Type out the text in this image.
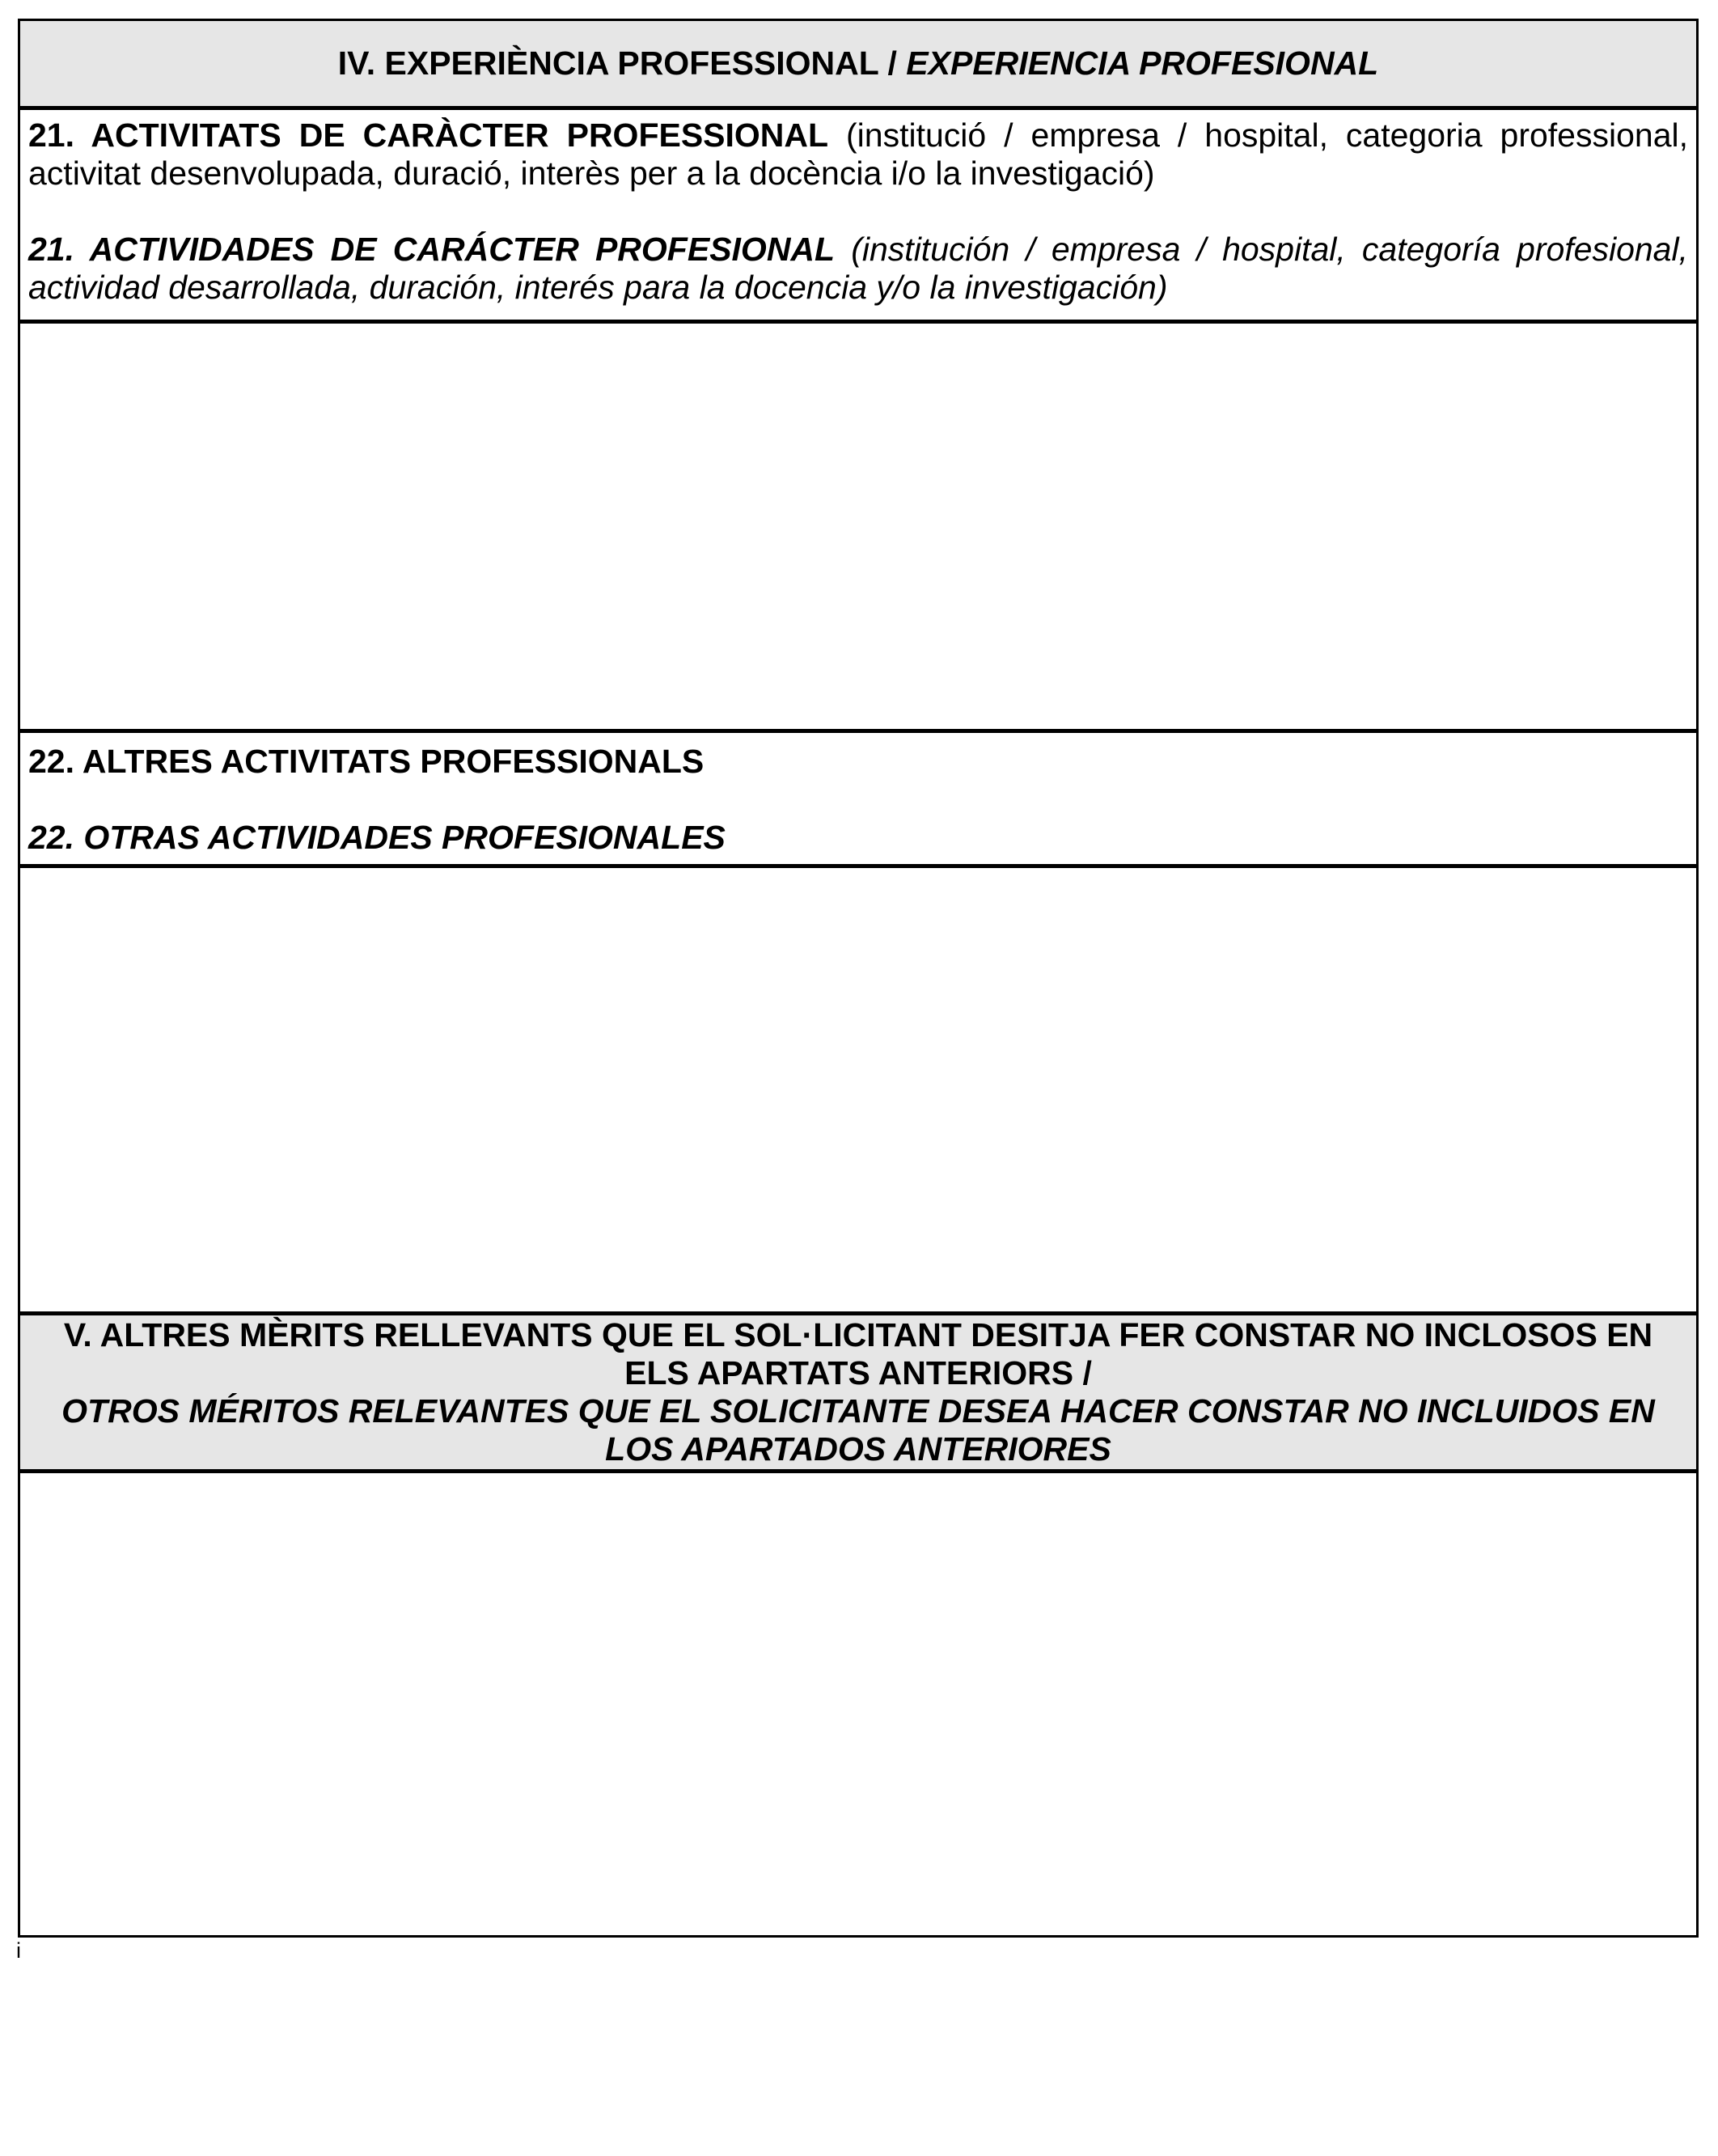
IV. EXPERIÈNCIA PROFESSIONAL / EXPERIENCIA PROFESIONAL

21. ACTIVITATS DE CARÀCTER PROFESSIONAL (institució / empresa / hospital, categoria professional, activitat desenvolupada, duració, interès per a la docència i/o la investigació)

21. ACTIVIDADES DE CARÁCTER PROFESIONAL (institución / empresa / hospital, categoría profesional, actividad desarrollada, duración, interés para la docencia y/o la investigación)

22. ALTRES ACTIVITATS PROFESSIONALS

22. OTRAS ACTIVIDADES PROFESIONALES

V. ALTRES MÈRITS RELLEVANTS QUE EL SOL·LICITANT DESITJA FER CONSTAR NO INCLOSOS EN ELS APARTATS ANTERIORS /

OTROS MÉRITOS RELEVANTES QUE EL SOLICITANTE DESEA HACER CONSTAR NO INCLUIDOS EN LOS APARTADOS ANTERIORES

i
